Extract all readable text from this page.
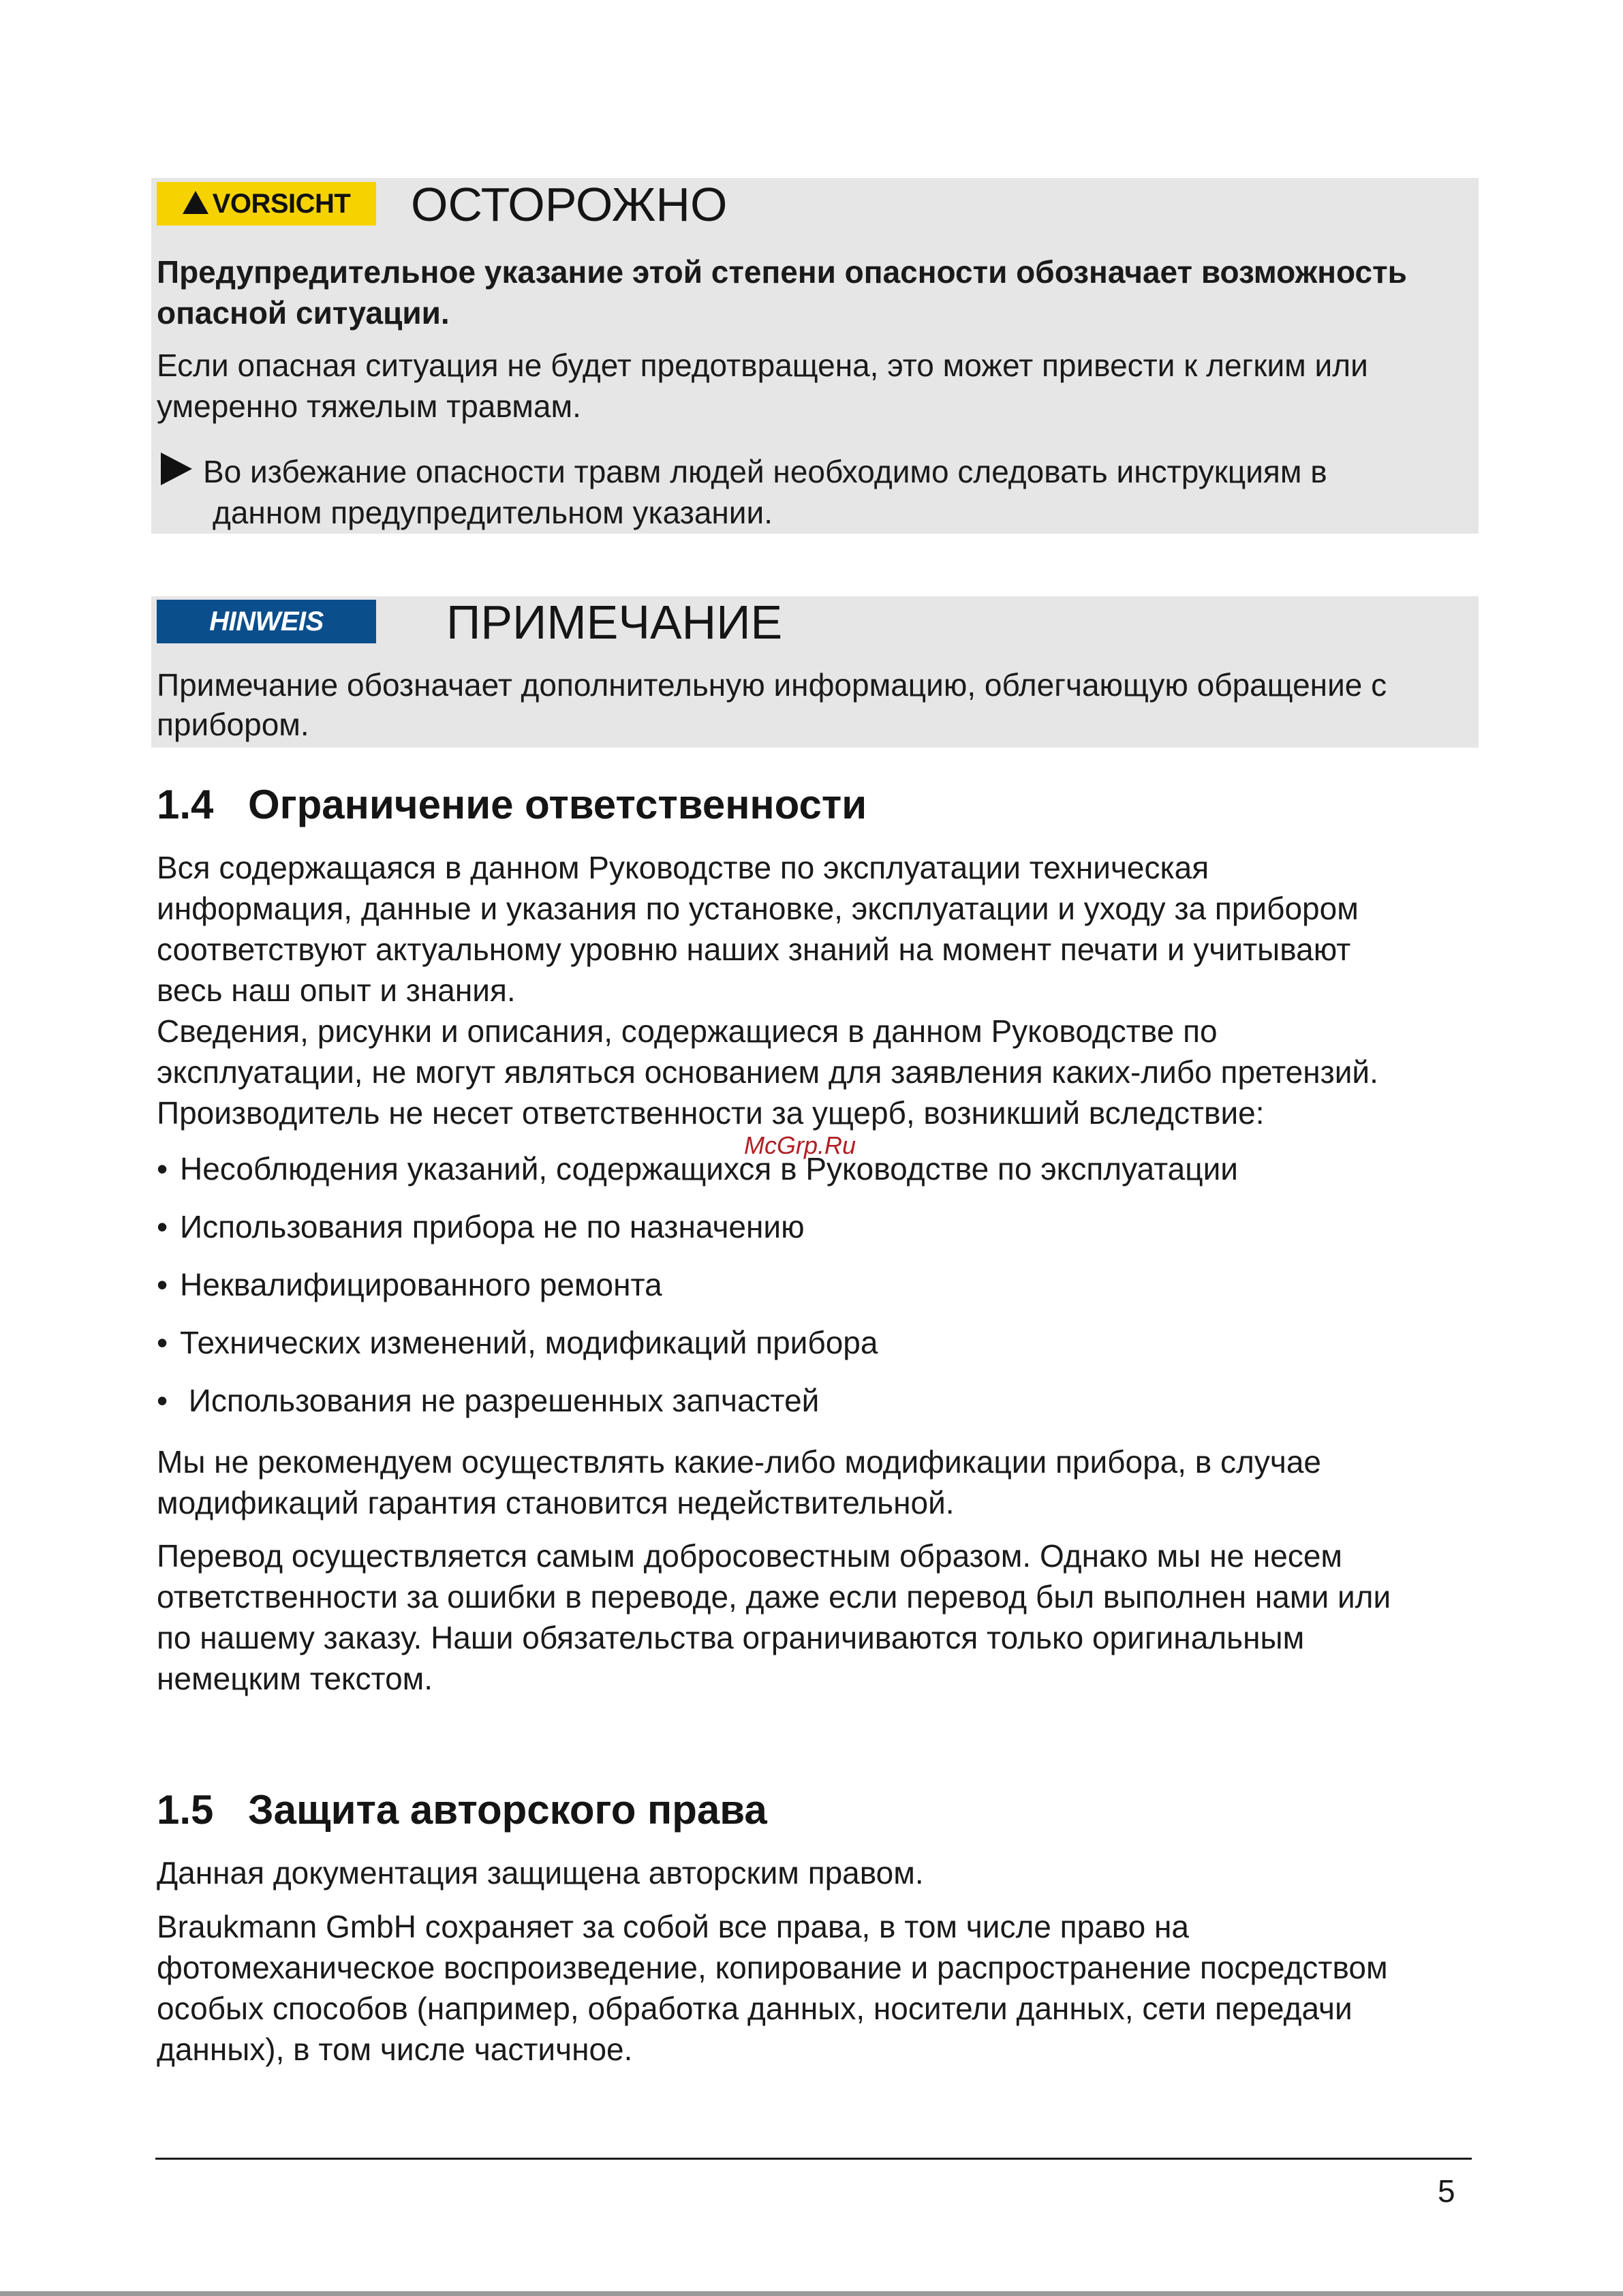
VORSICHT ОСТОРОЖНО
Предупредительное указание этой степени опасности обозначает возможность
опасной ситуации.
Если опасная ситуация не будет предотвращена, это может привести к легким или
умеренно тяжелым травмам.
Во избежание опасности травм людей необходимо следовать инструкциям в
данном предупредительном указании.
HINWEIS	ПРИМЕЧАНИЕ
Примечание обозначает дополнительную информацию, облегчающую обращение с
прибором.
1.4 Ограничение ответственности
Вся содержащаяся в данном Руководстве по эксплуатации техническая
информация, данные и указания по установке, эксплуатации и уходу за прибором
соответствуют актуальному уровню наших знаний на момент печати и учитывают
весь наш опыт и знания.
Сведения, рисунки и описания, содержащиеся в данном Руководстве по
эксплуатации, не могут являться основанием для заявления каких-либо претензий.
Производитель не несет ответственности за ущерб, возникший вследствие:
McGrp.Ru
• Несоблюдения указаний, содержащихся в Руководстве по эксплуатации
• Использования прибора не по назначению
• Неквалифицированного ремонта
• Технических изменений, модификаций прибора
• Использования не разрешенных запчастей
Мы не рекомендуем осуществлять какие-либо модификации прибора, в случае
модификаций гарантия становится недействительной.
Перевод осуществляется самым добросовестным образом. Однако мы не несем
ответственности за ошибки в переводе, даже если перевод был выполнен нами или
по нашему заказу. Наши обязательства ограничиваются только оригинальным
немецким текстом.
1.5 Защита авторского права
Данная документация защищена авторским правом.
Braukmann GmbH сохраняет за собой все права, в том числе право на
фотомеханическое воспроизведение, копирование и распространение посредством
особых способов (например, обработка данных, носители данных, сети передачи
данных), в том числе частичное.
5
